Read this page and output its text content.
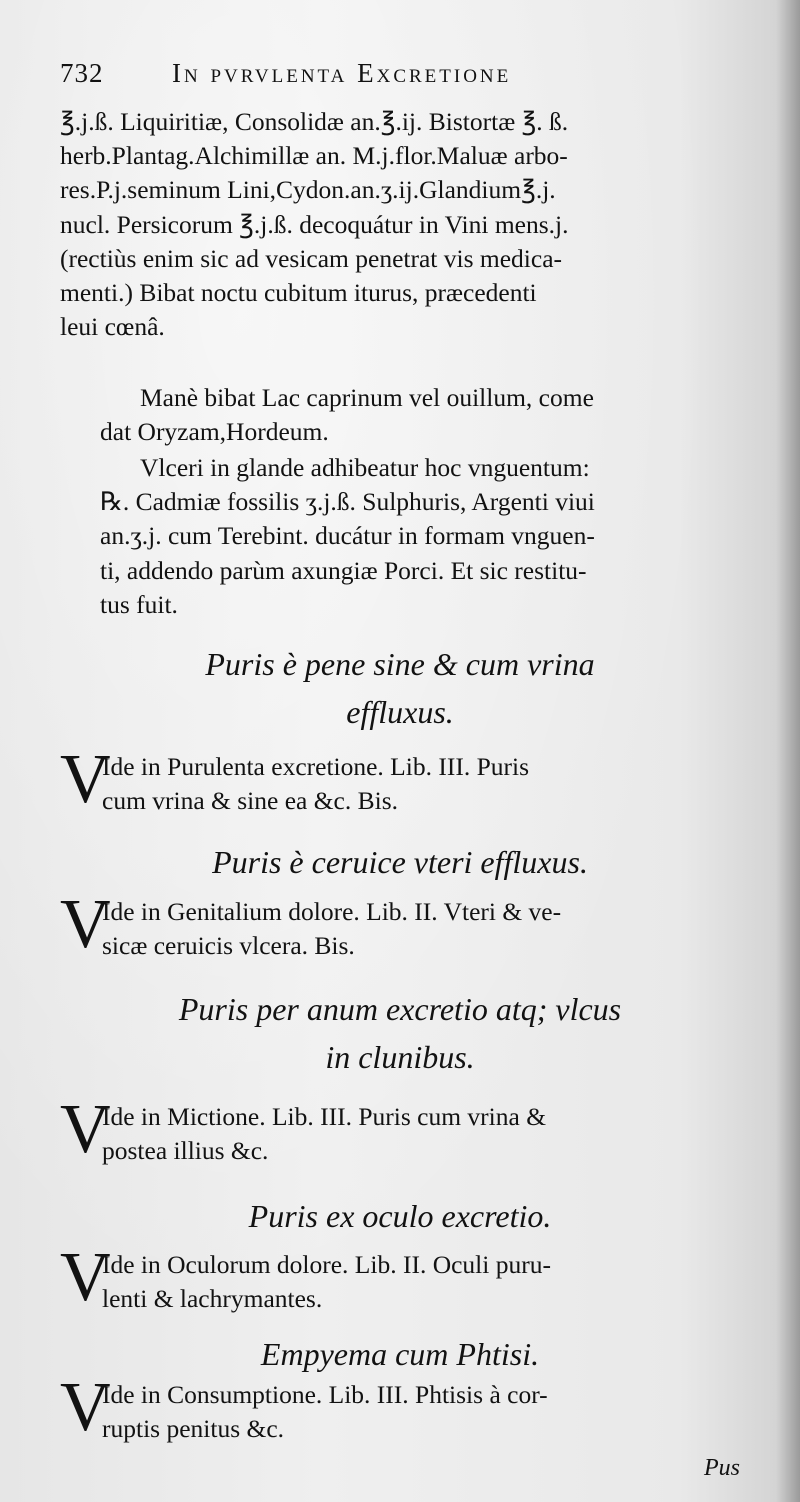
732	In pvrvlenta Excretione
℥.j.ß. Liquiritiæ, Consolidæ an.℥.ij. Bistortæ ℥. ß.
herb.Plantag.Alchimillæ an. M.j.flor.Maluæ arbo-
res.P.j.seminum Lini,Cydon.an.ʒ.ij.Glandium℥.j.
nucl. Persicorum ℥.j.ß. decoquátur in Vini mens.j.
(rectiùs enim sic ad vesicam penetrat vis medica-
menti.) Bibat noctu cubitum iturus, præcedenti
leui cœnâ.
Manè bibat Lac caprinum vel ouillum, come
dat Oryzam,Hordeum.
Vlceri in glande adhibeatur hoc vnguentum:
℞. Cadmiæ fossilis ʒ.j.ß. Sulphuris, Argenti viui
an.ʒ.j. cum Terebint. ducátur in formam vnguen-
ti, addendo parùm axungiæ Porci. Et sic restitu-
tus fuit.
Puris è pene sine & cum vrina
effluxus.
V
Ide in Purulenta excretione. Lib. III. Puris
cum vrina & sine ea &c. Bis.
Puris è ceruice vteri effluxus.
V
Ide in Genitalium dolore. Lib. II. Vteri & ve-
sicæ ceruicis vlcera. Bis.
Puris per anum excretio atq; vlcus
in clunibus.
V
Ide in Mictione. Lib. III. Puris cum vrina &
postea illius &c.
Puris ex oculo excretio.
V
Ide in Oculorum dolore. Lib. II. Oculi puru-
lenti & lachrymantes.
Empyema cum Phtisi.
V
Ide in Consumptione. Lib. III. Phtisis à cor-
ruptis penitus &c.
Pus
